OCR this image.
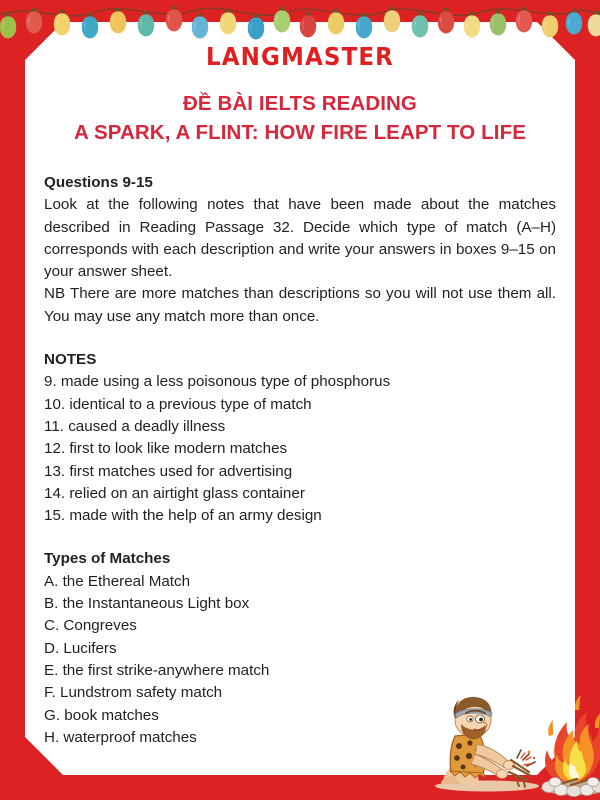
LANGMASTER
ĐỀ BÀI IELTS READING
A SPARK, A FLINT: HOW FIRE LEAPT TO LIFE
Questions 9-15
Look at the following notes that have been made about the matches described in Reading Passage 32. Decide which type of match (A–H) corresponds with each description and write your answers in boxes 9–15 on your answer sheet.
NB There are more matches than descriptions so you will not use them all. You may use any match more than once.
NOTES
9. made using a less poisonous type of phosphorus
10. identical to a previous type of match
11. caused a deadly illness
12. first to look like modern matches
13. first matches used for advertising
14. relied on an airtight glass container
15. made with the help of an army design
Types of Matches
A. the Ethereal Match
B. the Instantaneous Light box
C. Congreves
D. Lucifers
E. the first strike-anywhere match
F. Lundstrom safety match
G. book matches
H. waterproof matches
